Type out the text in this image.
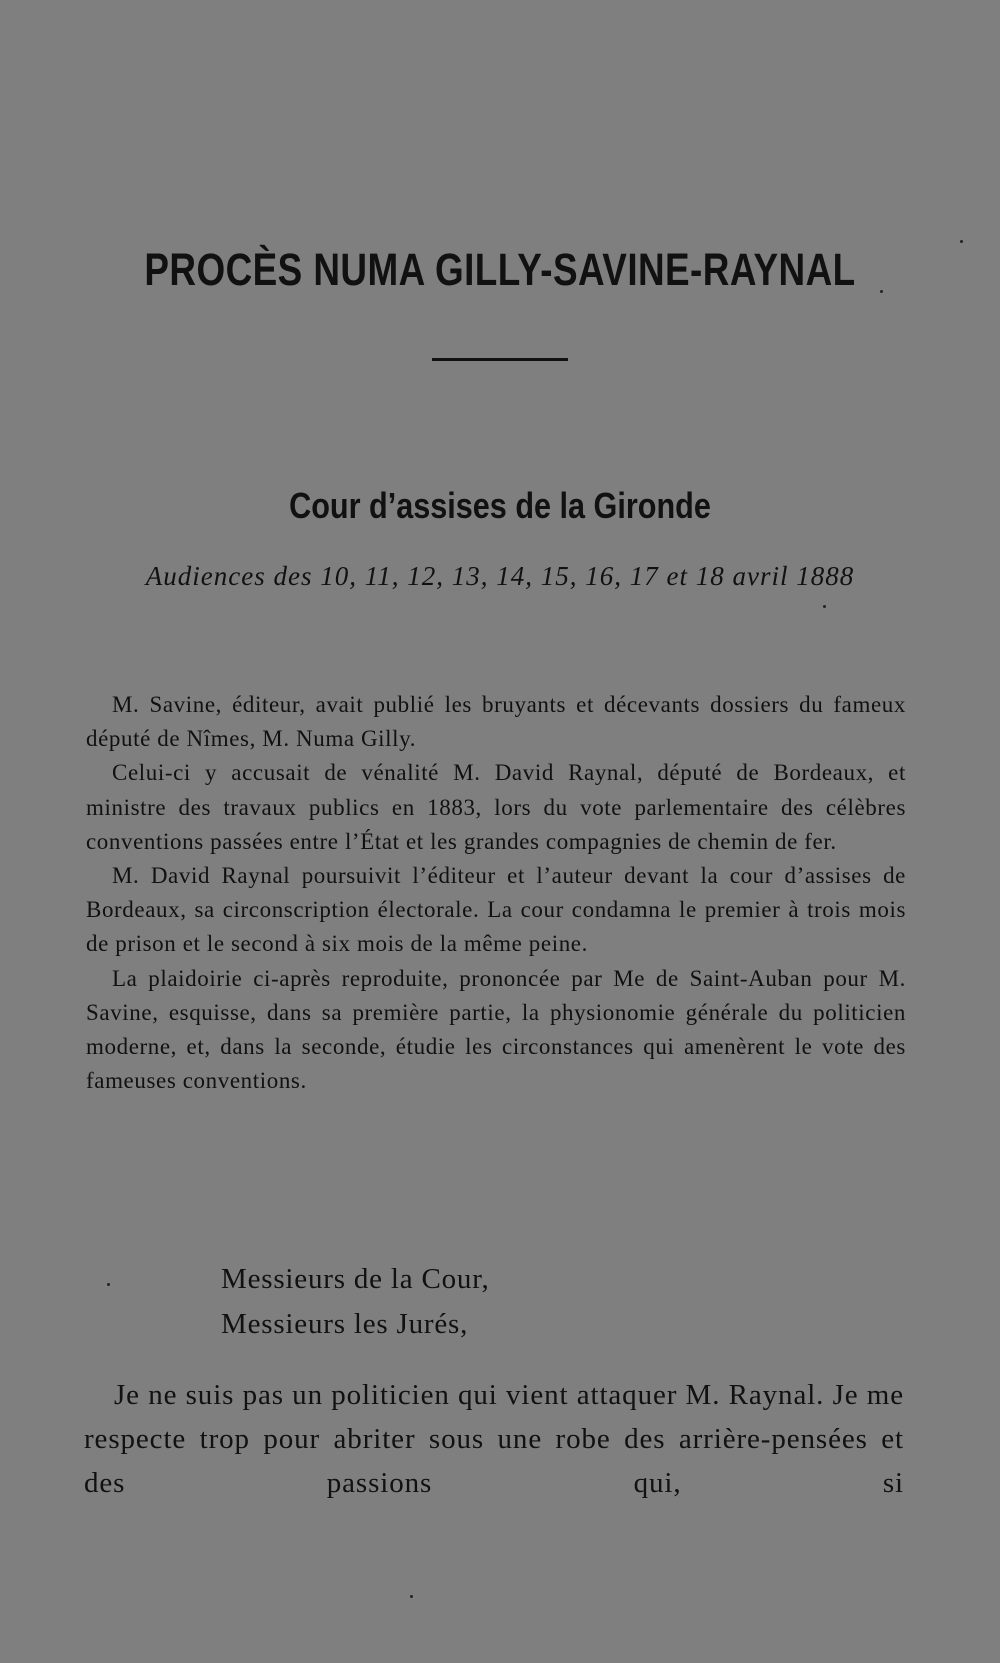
PROCÈS NUMA GILLY-SAVINE-RAYNAL
Cour d’assises de la Gironde
Audiences des 10, 11, 12, 13, 14, 15, 16, 17 et 18 avril 1888

M. Savine, éditeur, avait publié les bruyants et décevants dossiers du fameux député de Nîmes, M. Numa Gilly.

Celui-ci y accusait de vénalité M. David Raynal, député de Bordeaux, et ministre des travaux publics en 1883, lors du vote parlementaire des célèbres conventions passées entre l’État et les grandes compagnies de chemin de fer.

M. David Raynal poursuivit l’éditeur et l’auteur devant la cour d’assises de Bordeaux, sa circonscription électorale. La cour condamna le premier à trois mois de prison et le second à six mois de la même peine.

La plaidoirie ci-après reproduite, prononcée par Me de Saint-Auban pour M. Savine, esquisse, dans sa première partie, la physionomie générale du politicien moderne, et, dans la seconde, étudie les circonstances qui amenèrent le vote des fameuses conventions.

Messieurs de la Cour,
Messieurs les Jurés,

Je ne suis pas un politicien qui vient attaquer M. Raynal. Je me respecte trop pour abriter sous une robe des arrière-pensées et des passions qui, si
